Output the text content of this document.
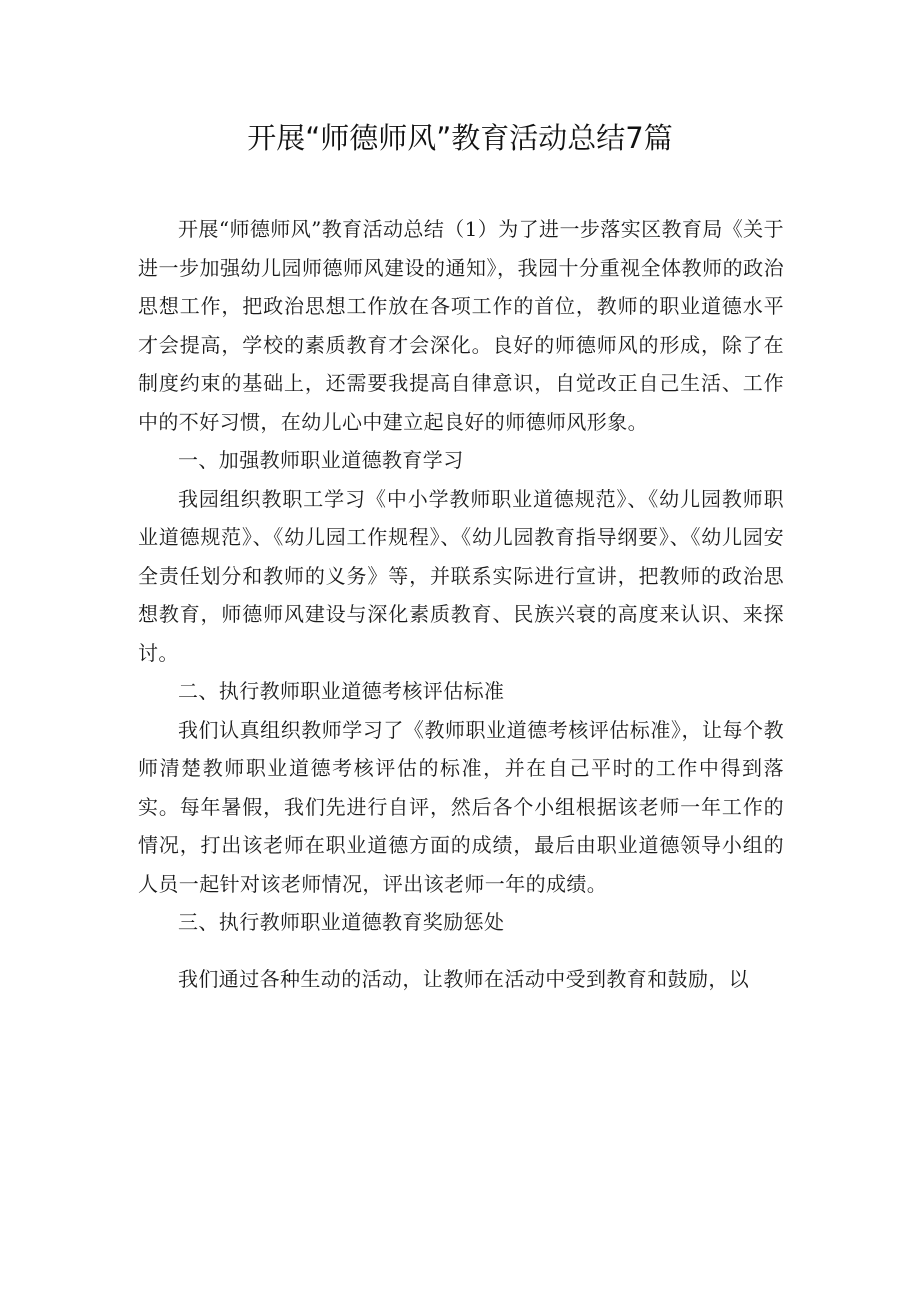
开展“师德师风”教育活动总结7篇

开展“师德师风”教育活动总结（1）为了进一步落实区教育局《关于进一步加强幼儿园师德师风建设的通知》，我园十分重视全体教师的政治思想工作，把政治思想工作放在各项工作的首位，教师的职业道德水平才会提高，学校的素质教育才会深化。良好的师德师风的形成，除了在制度约束的基础上，还需要我提高自律意识，自觉改正自己生活、工作中的不好习惯，在幼儿心中建立起良好的师德师风形象。

一、加强教师职业道德教育学习

我园组织教职工学习《中小学教师职业道德规范》、《幼儿园教师职业道德规范》、《幼儿园工作规程》、《幼儿园教育指导纲要》、《幼儿园安全责任划分和教师的义务》等，并联系实际进行宣讲，把教师的政治思想教育，师德师风建设与深化素质教育、民族兴衰的高度来认识、来探讨。

二、执行教师职业道德考核评估标准

我们认真组织教师学习了《教师职业道德考核评估标准》，让每个教师清楚教师职业道德考核评估的标准，并在自己平时的工作中得到落实。每年暑假，我们先进行自评，然后各个小组根据该老师一年工作的情况，打出该老师在职业道德方面的成绩，最后由职业道德领导小组的人员一起针对该老师情况，评出该老师一年的成绩。

三、执行教师职业道德教育奖励惩处

我们通过各种生动的活动，让教师在活动中受到教育和鼓励，以
